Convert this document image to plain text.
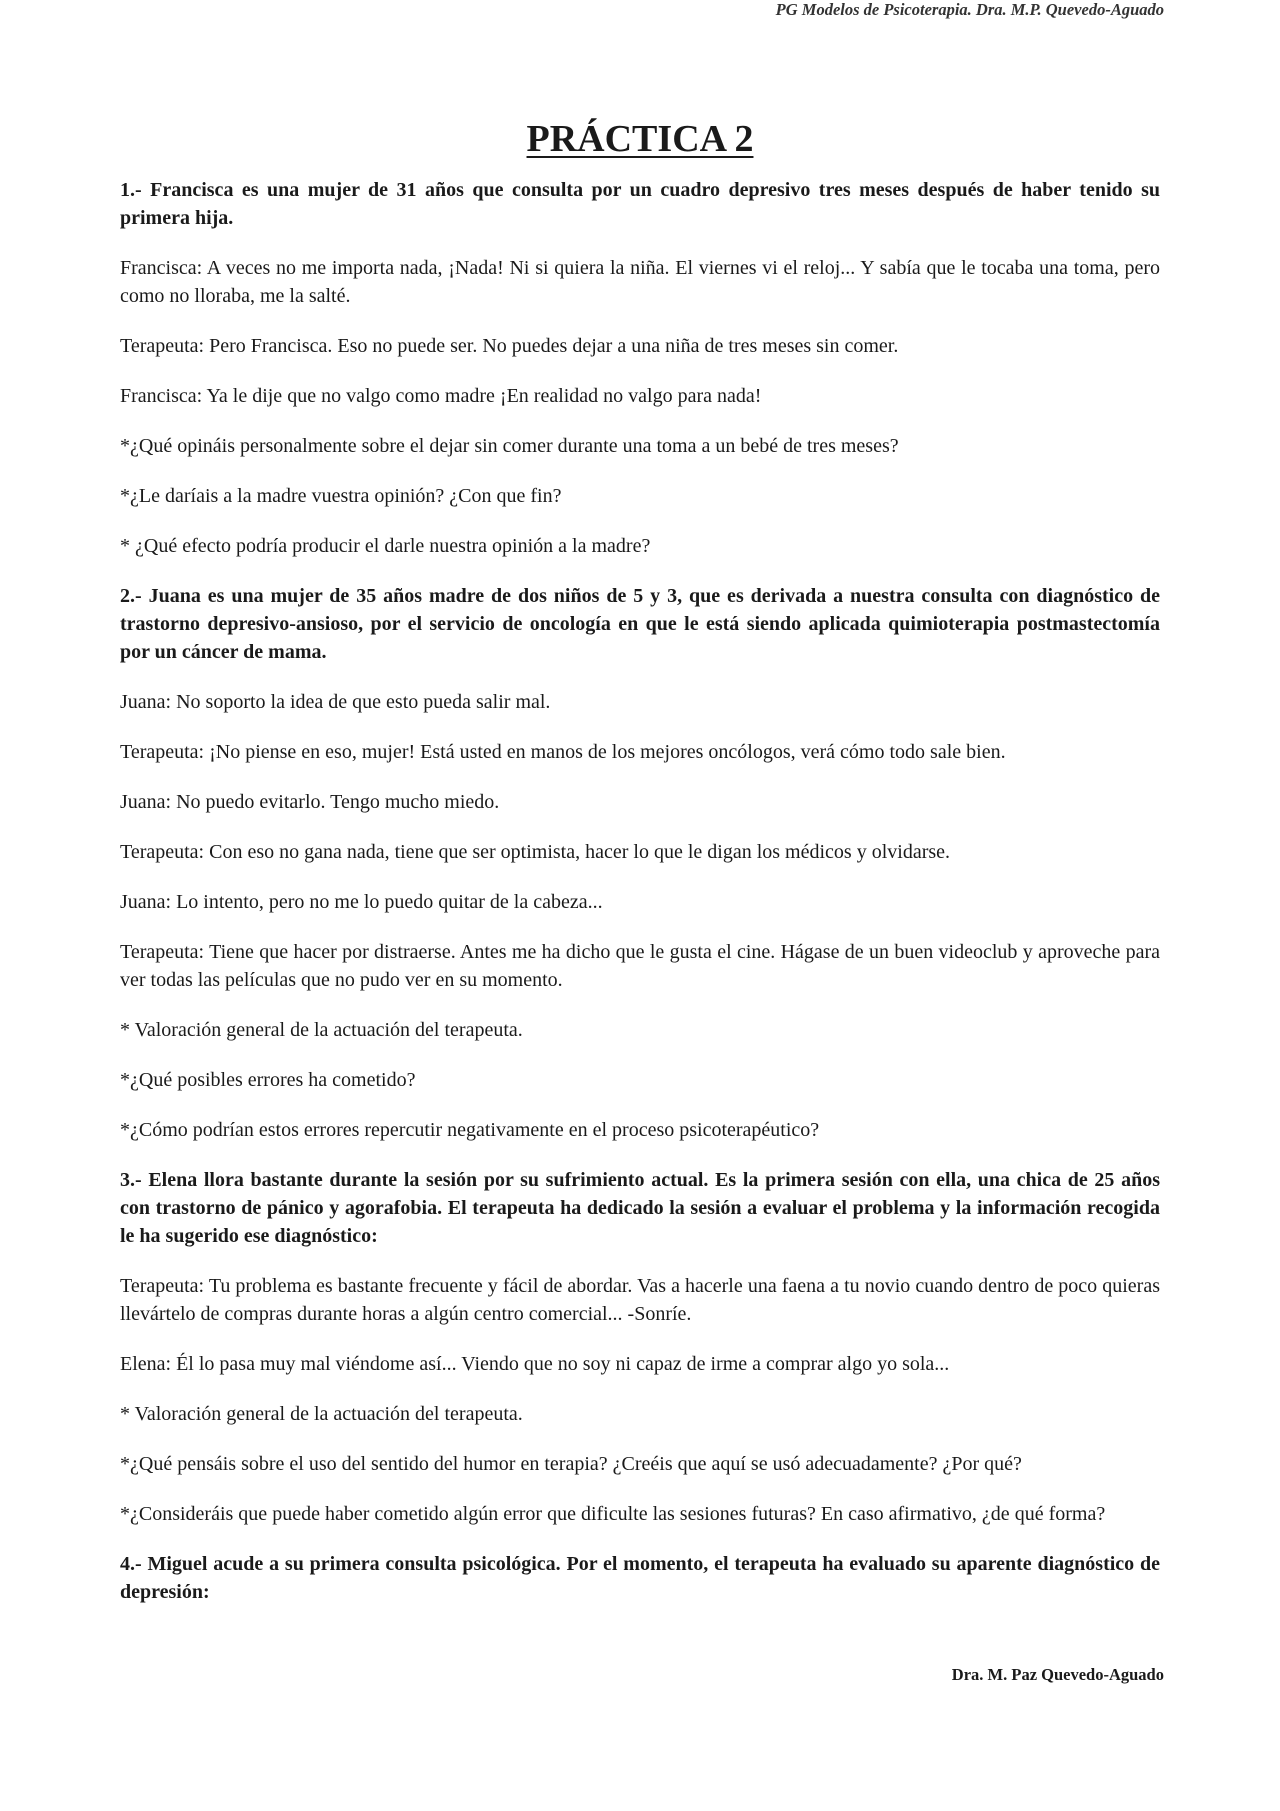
PG Modelos de Psicoterapia. Dra. M.P. Quevedo-Aguado
PRÁCTICA 2

1.- Francisca es una mujer de 31 años que consulta por un cuadro depresivo tres meses después de haber tenido su primera hija.

Francisca: A veces no me importa nada, ¡Nada! Ni si quiera la niña. El viernes vi el reloj... Y sabía que le tocaba una toma, pero como no lloraba, me la salté.

Terapeuta: Pero Francisca. Eso no puede ser. No puedes dejar a una niña de tres meses sin comer.

Francisca: Ya le dije que no valgo como madre ¡En realidad no valgo para nada!

*¿Qué opináis personalmente sobre el dejar sin comer durante una toma a un bebé de tres meses?

*¿Le daríais a la madre vuestra opinión? ¿Con que fin?

* ¿Qué efecto podría producir el darle nuestra opinión a la madre?

2.- Juana es una mujer de 35 años madre de dos niños de 5 y 3, que es derivada a nuestra consulta con diagnóstico de trastorno depresivo-ansioso, por el servicio de oncología en que le está siendo aplicada quimioterapia postmastectomía por un cáncer de mama.

Juana: No soporto la idea de que esto pueda salir mal.

Terapeuta: ¡No piense en eso, mujer! Está usted en manos de los mejores oncólogos, verá cómo todo sale bien.

Juana: No puedo evitarlo. Tengo mucho miedo.

Terapeuta: Con eso no gana nada, tiene que ser optimista, hacer lo que le digan los médicos y olvidarse.

Juana: Lo intento, pero no me lo puedo quitar de la cabeza...

Terapeuta: Tiene que hacer por distraerse. Antes me ha dicho que le gusta el cine. Hágase de un buen videoclub y aproveche para ver todas las películas que no pudo ver en su momento.

* Valoración general de la actuación del terapeuta.

*¿Qué posibles errores ha cometido?

*¿Cómo podrían estos errores repercutir negativamente en el proceso psicoterapéutico?

3.- Elena llora bastante durante la sesión por su sufrimiento actual. Es la primera sesión con ella, una chica de 25 años con trastorno de pánico y agorafobia. El terapeuta ha dedicado la sesión a evaluar el problema y la información recogida le ha sugerido ese diagnóstico:

Terapeuta: Tu problema es bastante frecuente y fácil de abordar. Vas a hacerle una faena a tu novio cuando dentro de poco quieras llevártelo de compras durante horas a algún centro comercial... -Sonríe.

Elena: Él lo pasa muy mal viéndome así... Viendo que no soy ni capaz de irme a comprar algo yo sola...

* Valoración general de la actuación del terapeuta.

*¿Qué pensáis sobre el uso del sentido del humor en terapia? ¿Creéis que aquí se usó adecuadamente? ¿Por qué?

*¿Consideráis que puede haber cometido algún error que dificulte las sesiones futuras? En caso afirmativo, ¿de qué forma?

4.- Miguel acude a su primera consulta psicológica. Por el momento, el terapeuta ha evaluado su aparente diagnóstico de depresión:

Dra. M. Paz Quevedo-Aguado
